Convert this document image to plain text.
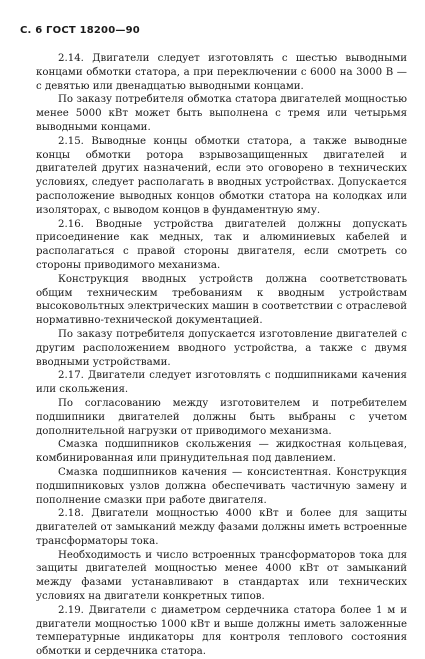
С. 6 ГОСТ 18200—90

2.14. Двигатели следует изготовлять с шестью выводными концами обмотки статора, а при переключении с 6000 на 3000 В — с девятью или двенадцатью выводными концами.

По заказу потребителя обмотка статора двигателей мощностью менее 5000 кВт может быть выполнена с тремя или четырьмя выводными концами.

2.15. Выводные концы обмотки статора, а также выводные концы обмотки ротора взрывозащищенных двигателей и двигателей других назначений, если это оговорено в технических условиях, следует располагать в вводных устройствах. Допускается расположение выводных концов обмотки статора на колодках или изоляторах, с выводом концов в фундаментную яму.

2.16. Вводные устройства двигателей должны допускать присоединение как медных, так и алюминиевых кабелей и располагаться с правой стороны двигателя, если смотреть со стороны приводимого механизма.

Конструкция вводных устройств должна соответствовать общим техническим требованиям к вводным устройствам высоковольтных электрических машин в соответствии с отраслевой нормативно-технической документацией.

По заказу потребителя допускается изготовление двигателей с другим расположением вводного устройства, а также с двумя вводными устройствами.

2.17. Двигатели следует изготовлять с подшипниками качения или скольжения.

По согласованию между изготовителем и потребителем подшипники двигателей должны быть выбраны с учетом дополнительной нагрузки от приводимого механизма.

Смазка подшипников скольжения — жидкостная кольцевая, комбинированная или принудительная под давлением.

Смазка подшипников качения — консистентная. Конструкция подшипниковых узлов должна обеспечивать частичную замену и пополнение смазки при работе двигателя.

2.18. Двигатели мощностью 4000 кВт и более для защиты двигателей от замыканий между фазами должны иметь встроенные трансформаторы тока.

Необходимость и число встроенных трансформаторов тока для защиты двигателей мощностью менее 4000 кВт от замыканий между фазами устанавливают в стандартах или технических условиях на двигатели конкретных типов.

2.19. Двигатели с диаметром сердечника статора более 1 м и двигатели мощностью 1000 кВт и выше должны иметь заложенные температурные индикаторы для контроля теплового состояния обмотки и сердечника статора.
